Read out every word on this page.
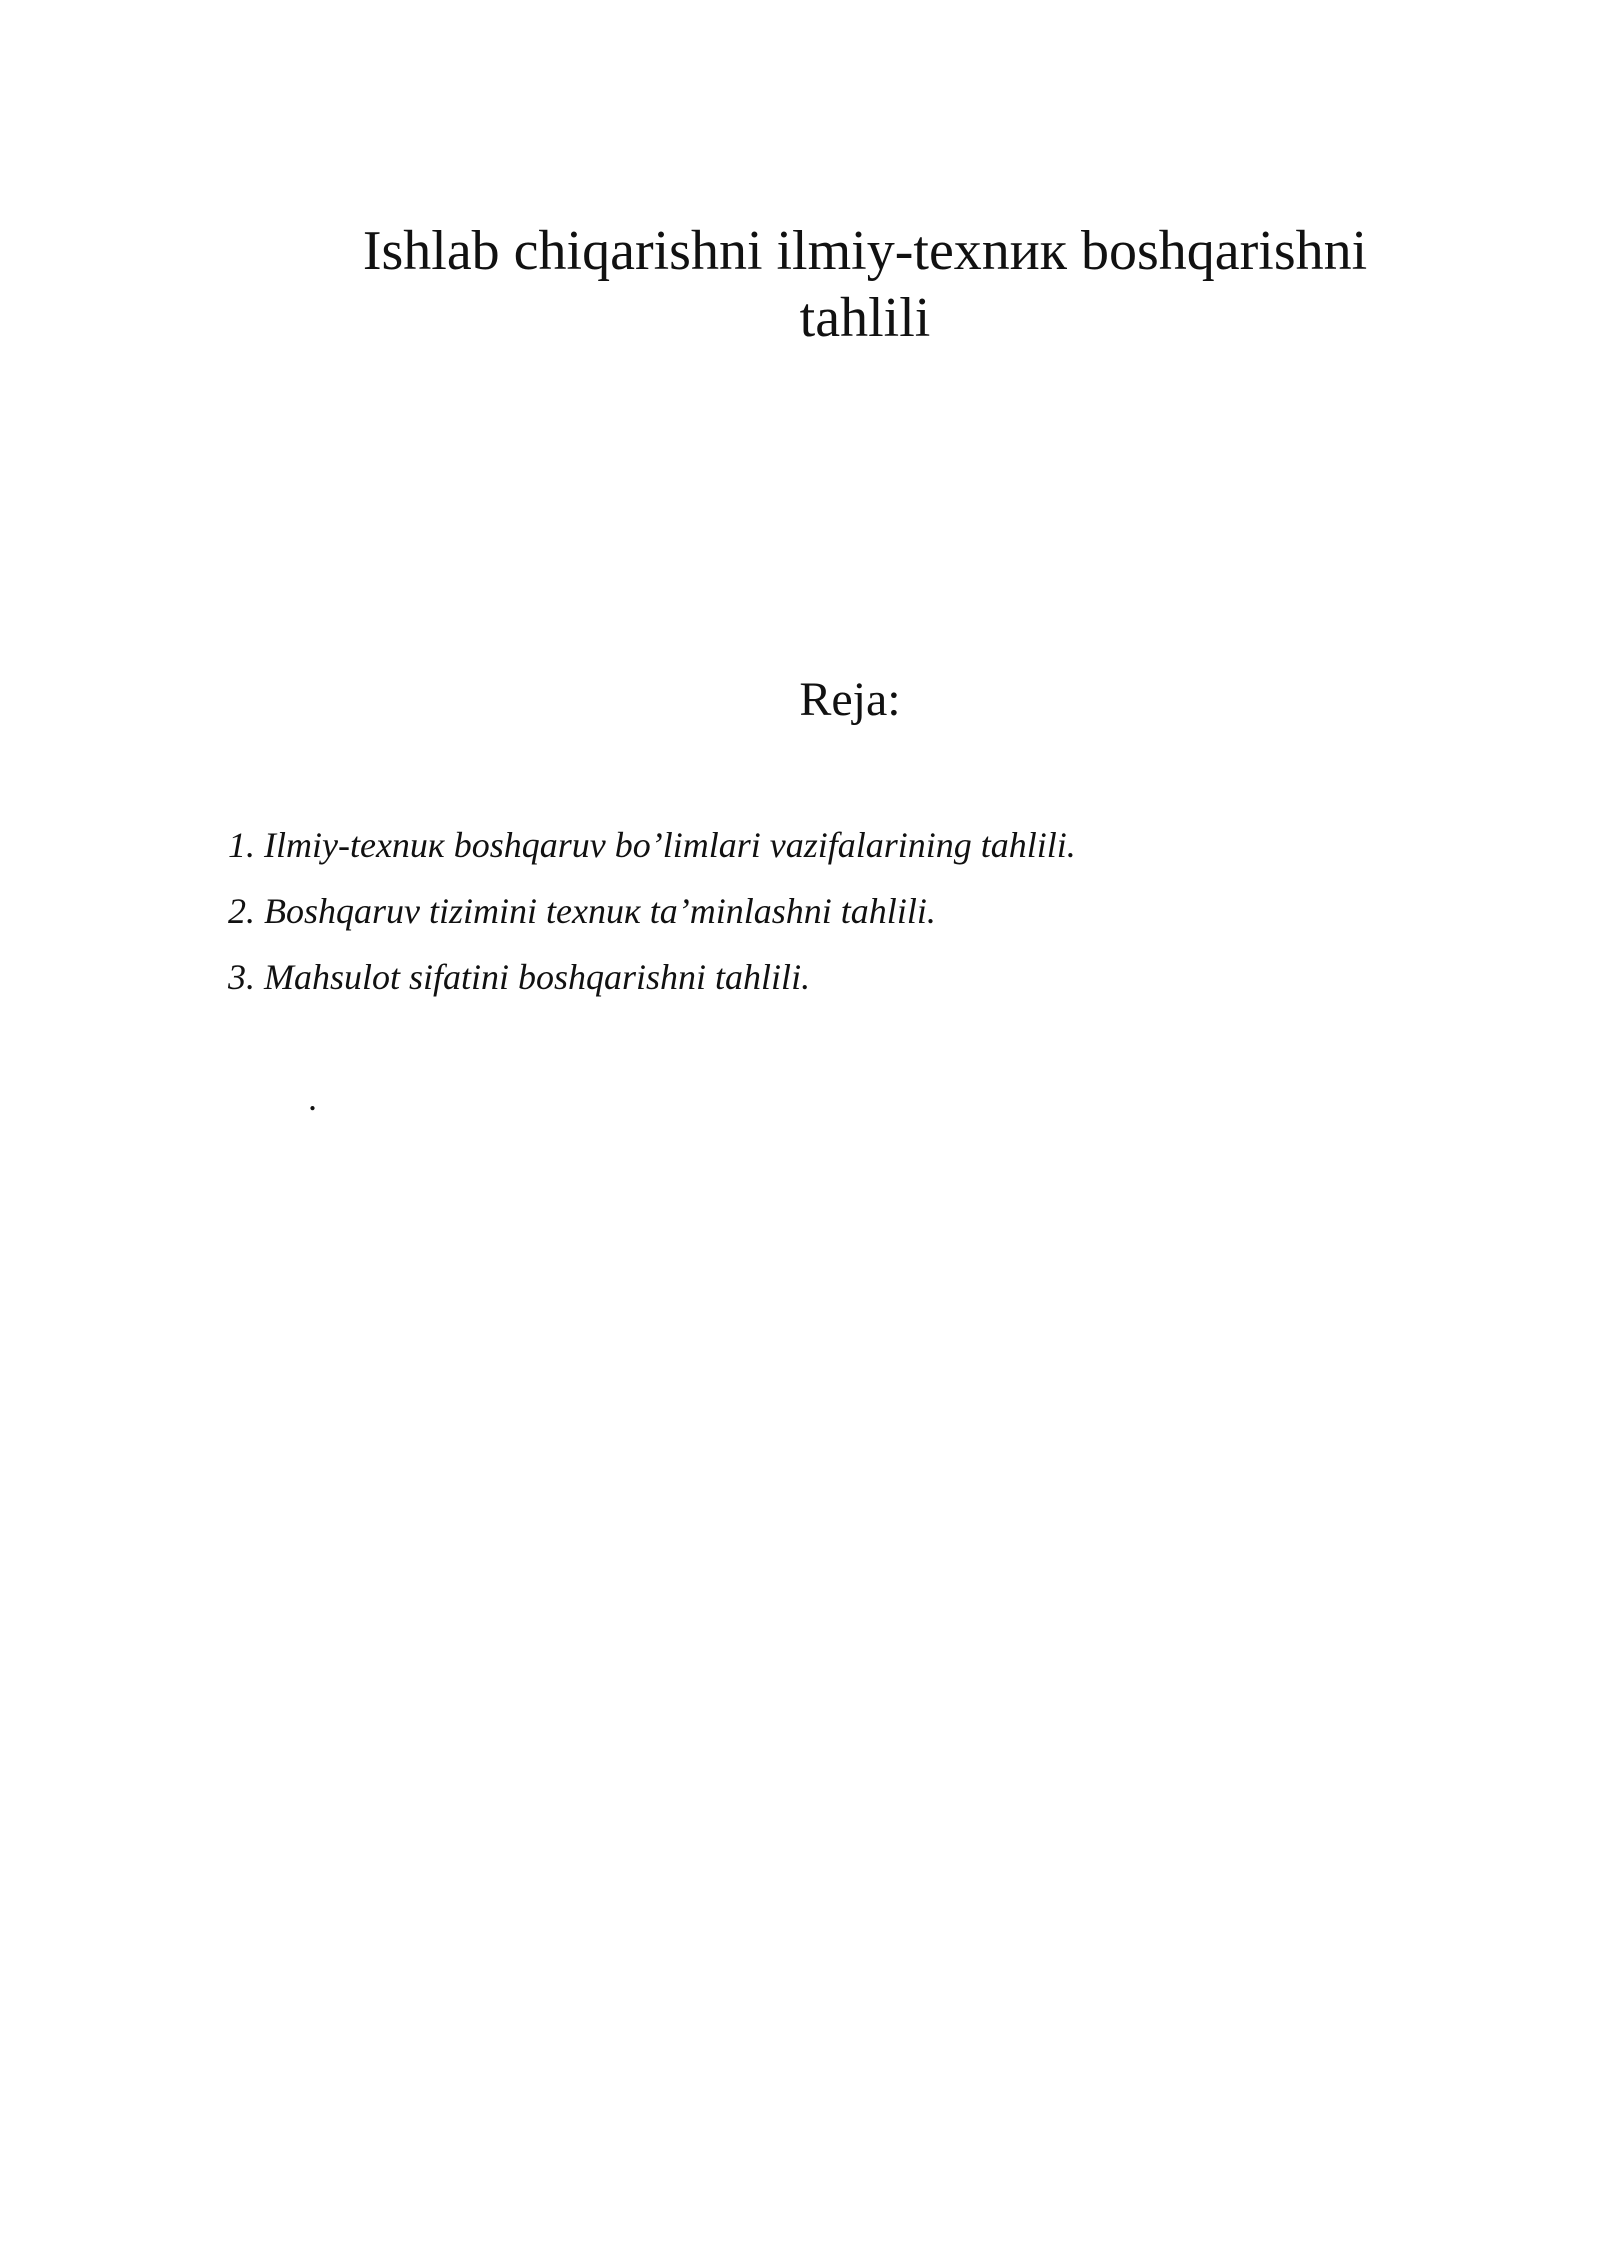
Ishlab chiqarishni ilmiy-texnик boshqarishni
tahlili
Reja:
1. Ilmiy-texnик boshqaruv bo’limlari vazifalarining tahlili.
2. Boshqaruv tizimini texnик ta’minlashni tahlili.
3. Mahsulot sifatini boshqarishni tahlili.
.
